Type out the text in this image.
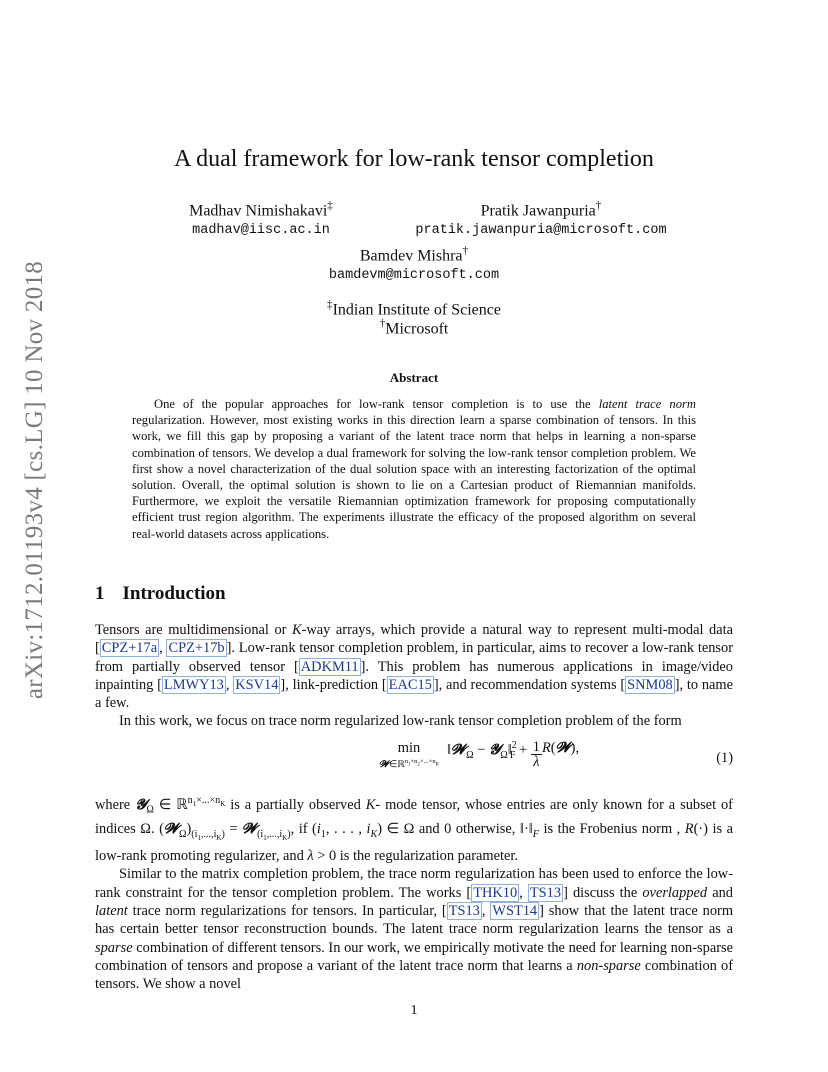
arXiv:1712.01193v4 [cs.LG] 10 Nov 2018
A dual framework for low-rank tensor completion
Madhav Nimishakavi‡
madhav@iisc.ac.in
Pratik Jawanpuria†
pratik.jawanpuria@microsoft.com
Bamdev Mishra†
bamdevm@microsoft.com
‡Indian Institute of Science
†Microsoft
Abstract

One of the popular approaches for low-rank tensor completion is to use the latent trace norm regularization. However, most existing works in this direction learn a sparse combination of tensors. In this work, we fill this gap by proposing a variant of the latent trace norm that helps in learning a non-sparse combination of tensors. We develop a dual framework for solving the low-rank tensor completion problem. We first show a novel characterization of the dual solution space with an interesting factorization of the optimal solution. Overall, the optimal solution is shown to lie on a Cartesian product of Riemannian manifolds. Furthermore, we exploit the versatile Riemannian optimization framework for proposing computationally efficient trust region algorithm. The experiments illustrate the efficacy of the proposed algorithm on several real-world datasets across applications.

1 Introduction

Tensors are multidimensional or K-way arrays, which provide a natural way to represent multi-modal data [ CPZ+17a , CPZ+17b ]. Low-rank tensor completion problem, in particular, aims to recover a low-rank tensor from partially observed tensor [ ADKM11 ]. This problem has numerous applications in image/video inpainting [ LMWY13 , KSV14 ], link-prediction [ EAC15 ], and recommendation systems [ SNM08 ], to name a few.

In this work, we focus on trace norm regularized low-rank tensor completion problem of the form

min
𝓦∈ℝ$^{n_1\times n_2\times...\times n_K}$
‖𝓦$_\Omega$ − 𝓨$_\Omega$‖$^2_F$ + $\frac{1}{\lambda}$ R(𝓦),
(1)

where 𝓨$_\Omega$ ∈ ℝ$^{n_1\times...\times n_K}$ is a partially observed K- mode tensor, whose entries are only known for a subset of indices Ω. $(𝓦_\Omega)_{(i_1,...,i_K)}$ = 𝓦$_{(i_1,...,i_K)}$, if ($i_1$, . . . , $i_K$) ∈ Ω and 0 otherwise, $‖\cdot‖_F$ is the Frobenius norm , R(·) is a low-rank promoting regularizer, and λ > 0 is the regularization parameter.

Similar to the matrix completion problem, the trace norm regularization has been used to enforce the low-rank constraint for the tensor completion problem. The works [ THK10 , TS13 ] discuss the overlapped and latent trace norm regularizations for tensors. In particular, [ TS13 , WST14 ] show that the latent trace norm has certain better tensor reconstruction bounds. The latent trace norm regularization learns the tensor as a sparse combination of different tensors. In our work, we empirically motivate the need for learning non-sparse combination of tensors and propose a variant of the latent trace norm that learns a non-sparse combination of tensors. We show a novel

1
